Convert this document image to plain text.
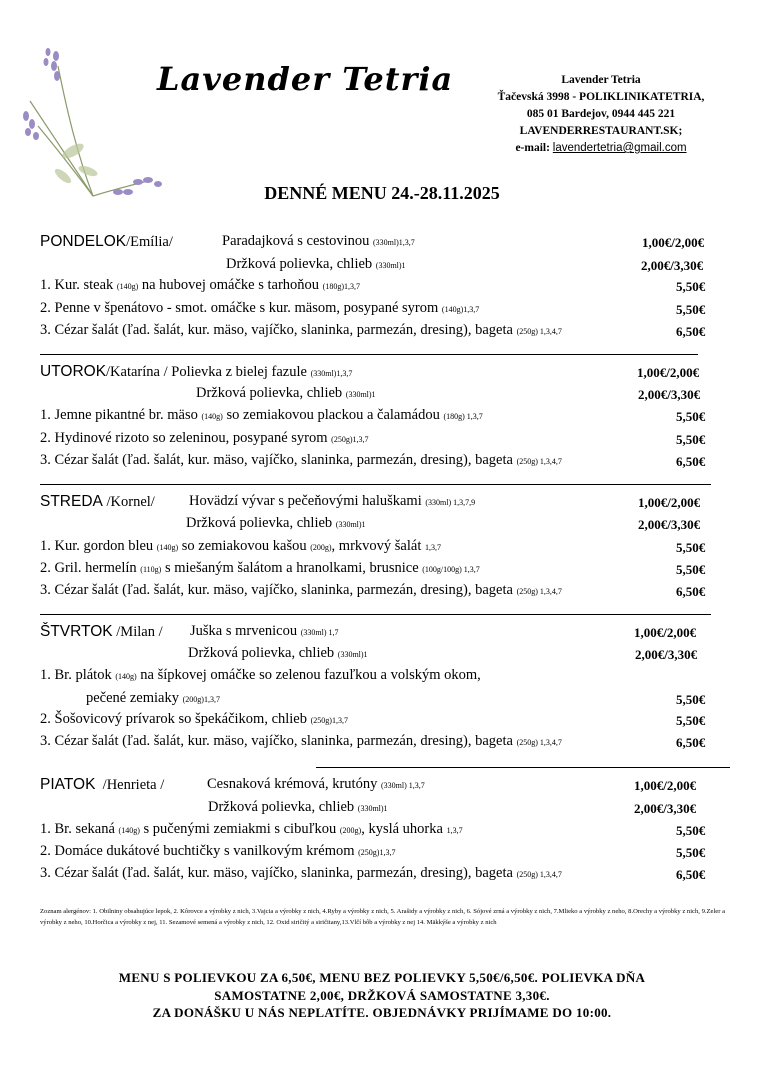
Lavender Tetria	Lavender Tetria
Ťačevská 3998 - POLIKLINIKATETRIA,
085 01 Bardejov, 0944 445 221
LAVENDERRESTAURANT.SK;
e-mail: lavendertetria@gmail.com
DENNÉ MENU 24.-28.11.2025
PONDELOK/Emília/	Paradajková s cestovinou (330ml)1,3,7	1,00€/2,00€
Držková polievka, chlieb (330ml)1	2,00€/3,30€
1. Kur. steak (140g) na hubovej omáčke s tarhoňou (180g)1,3,7	5,50€
2. Penne v špenátovo - smot. omáčke s kur. mäsom, posypané syrom (140g)1,3,7	5,50€
3. Cézar šalát (ľad. šalát, kur. mäso, vajíčko, slaninka, parmezán, dresing), bageta (250g) 1,3,4,7	6,50€
UTOROK/Katarína / Polievka z bielej fazule (330ml)1,3,7	1,00€/2,00€
Držková polievka, chlieb (330ml)1	2,00€/3,30€
1. Jemne pikantné br. mäso (140g) so zemiakovou plackou a čalamádou (180g) 1,3,7	5,50€
2. Hydinové rizoto so zeleninou, posypané syrom (250g)1,3,7	5,50€
3. Cézar šalát (ľad. šalát, kur. mäso, vajíčko, slaninka, parmezán, dresing), bageta (250g) 1,3,4,7	6,50€
STREDA /Kornel/ Hovädzí vývar s pečeňovými haluškami (330ml) 1,3,7,9	1,00€/2,00€
Držková polievka, chlieb (330ml)1	2,00€/3,30€
1. Kur. gordon bleu (140g) so zemiakovou kašou (200g), mrkvový šalát 1,3,7	5,50€
2. Gril. hermelín (110g) s miešaným šalátom a hranolkami, brusnice (100g/100g) 1,3,7	5,50€
3. Cézar šalát (ľad. šalát, kur. mäso, vajíčko, slaninka, parmezán, dresing), bageta (250g) 1,3,4,7	6,50€
ŠTVRTOK /Milan / Juška s mrvenicou (330ml) 1,7	1,00€/2,00€
Držková polievka, chlieb (330ml)1	2,00€/3,30€
1. Br. plátok (140g) na šípkovej omáčke so zelenou fazuľkou a volským okom,
pečené zemiaky (200g)1,3,7	5,50€
2. Šošovicový prívarok so špekáčikom, chlieb (250g)1,3,7	5,50€
3. Cézar šalát (ľad. šalát, kur. mäso, vajíčko, slaninka, parmezán, dresing), bageta (250g) 1,3,4,7	6,50€
PIATOK /Henrieta /	Cesnaková krémová, krutóny (330ml) 1,3,7	1,00€/2,00€
Držková polievka, chlieb (330ml)1	2,00€/3,30€
1. Br. sekaná (140g) s pučenými zemiakmi s cibuľkou (200g), kyslá uhorka 1,3,7	5,50€
2. Domáce dukátové buchtičky s vanilkovým krémom (250g)1,3,7	5,50€
3. Cézar šalát (ľad. šalát, kur. mäso, vajíčko, slaninka, parmezán, dresing), bageta (250g) 1,3,4,7	6,50€
Zoznam alergénov: 1. Obilniny obsahujúce lepok, 2. Kôrovce a výrobky z nich, 3.Vajcia a výrobky z nich, 4.Ryby a výrobky z nich, 5. Arašidy a výrobky z nich, 6. Sójové zrná a výrobky z nich, 7.Mlieko a výrobky z neho, 8.Orechy a výrobky z nich, 9.Zeler a výrobky z neho, 10.Horčica a výrobky z nej, 11. Sezamové semená a výrobky z nich, 12. Oxid siričitý a siričitany,13.Vlčí bôb a výrobky z nej 14. Mäkkýše a výrobky z nich
MENU S POLIEVKOU ZA 6,50€, MENU BEZ POLIEVKY 5,50€/6,50€. POLIEVKA DŇA
SAMOSTATNE 2,00€, DRŽKOVÁ SAMOSTATNE 3,30€.
ZA DONÁŠKU U NÁS NEPLATÍTE. OBJEDNÁVKY PRIJÍMAME DO 10:00.
